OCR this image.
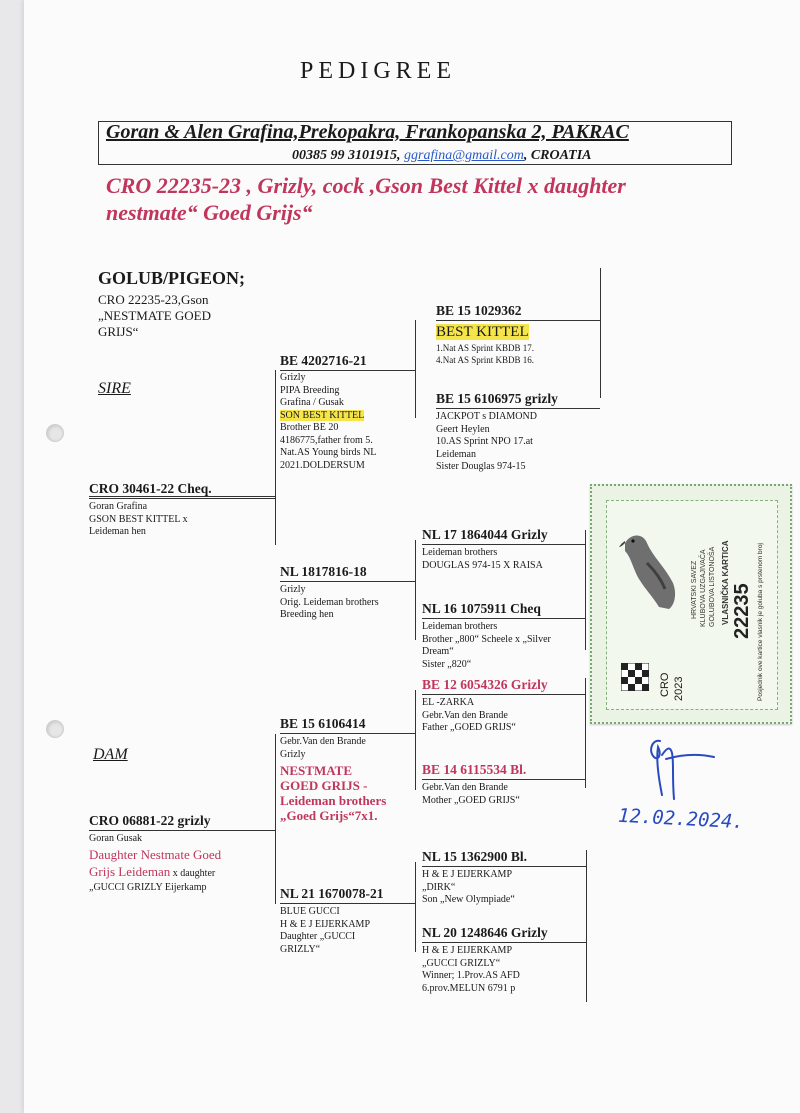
PEDIGREE
Goran & Alen Grafina,Prekopakra, Frankopanska 2, PAKRAC
00385 99 3101915, ggrafina@gmail.com, CROATIA
CRO 22235-23 , Grizly, cock ,Gson Best Kittel x daughter nestmate“ Goed Grijs“
GOLUB/PIGEON;
CRO 22235-23,Gson
„NESTMATE GOED
GRIJS“
SIRE
DAM
CRO 30461-22 Cheq.
Goran Grafina
GSON BEST KITTEL x
Leideman hen
CRO 06881-22 grizly
Goran Gusak
Daughter Nestmate Goed
Grijs Leideman x daughter
„GUCCI GRIZLY Eijerkamp
BE 4202716-21
Grizly
PIPA Breeding
Grafina / Gusak
SON BEST KITTEL
Brother BE 20
4186775,father from 5.
Nat.AS Young birds NL
2021.DOLDERSUM
NL 1817816-18
Grizly
Orig. Leideman brothers
Breeding hen
BE 15 6106414
Gebr.Van den Brande
Grizly
NESTMATE
GOED GRIJS -
Leideman brothers
„Goed Grijs“7x1.
NL 21 1670078-21
BLUE GUCCI
H & E J EIJERKAMP
Daughter „GUCCI
GRIZLY“
BE 15 1029362
BEST KITTEL
1.Nat AS Sprint KBDB 17.
4.Nat AS Sprint KBDB 16.
BE 15 6106975 grizly
JACKPOT s DIAMOND
Geert Heylen
10.AS Sprint NPO 17.at
Leideman
Sister Douglas 974-15
NL 17 1864044 Grizly
Leideman brothers
DOUGLAS 974-15 X RAISA
NL 16 1075911 Cheq
Leideman brothers
Brother „800“ Scheele x „Silver
Dream“
Sister „820“
BE 12 6054326 Grizly
EL -ZARKA
Gebr.Van den Brande
Father „GOED GRIJS“
BE 14 6115534 Bl.
Gebr.Van den Brande
Mother „GOED GRIJS“
NL 15 1362900 Bl.
H & E J EIJERKAMP
„DIRK“
Son „New Olympiade“
NL 20 1248646 Grizly
H & E J EIJERKAMP
„GUCCI GRIZLY“
Winner; 1.Prov.AS AFD
6.prov.MELUN 6791 p
CRO 2023
HRVATSKI SAVEZ KLUBOVA UZGAJIVAČA GOLUBOVA LISTONOŠA VLASNIČKA KARTICA 22235 Posjednik ove kartice vlasnik je goluba s prstenom broj
12.02.2024.
